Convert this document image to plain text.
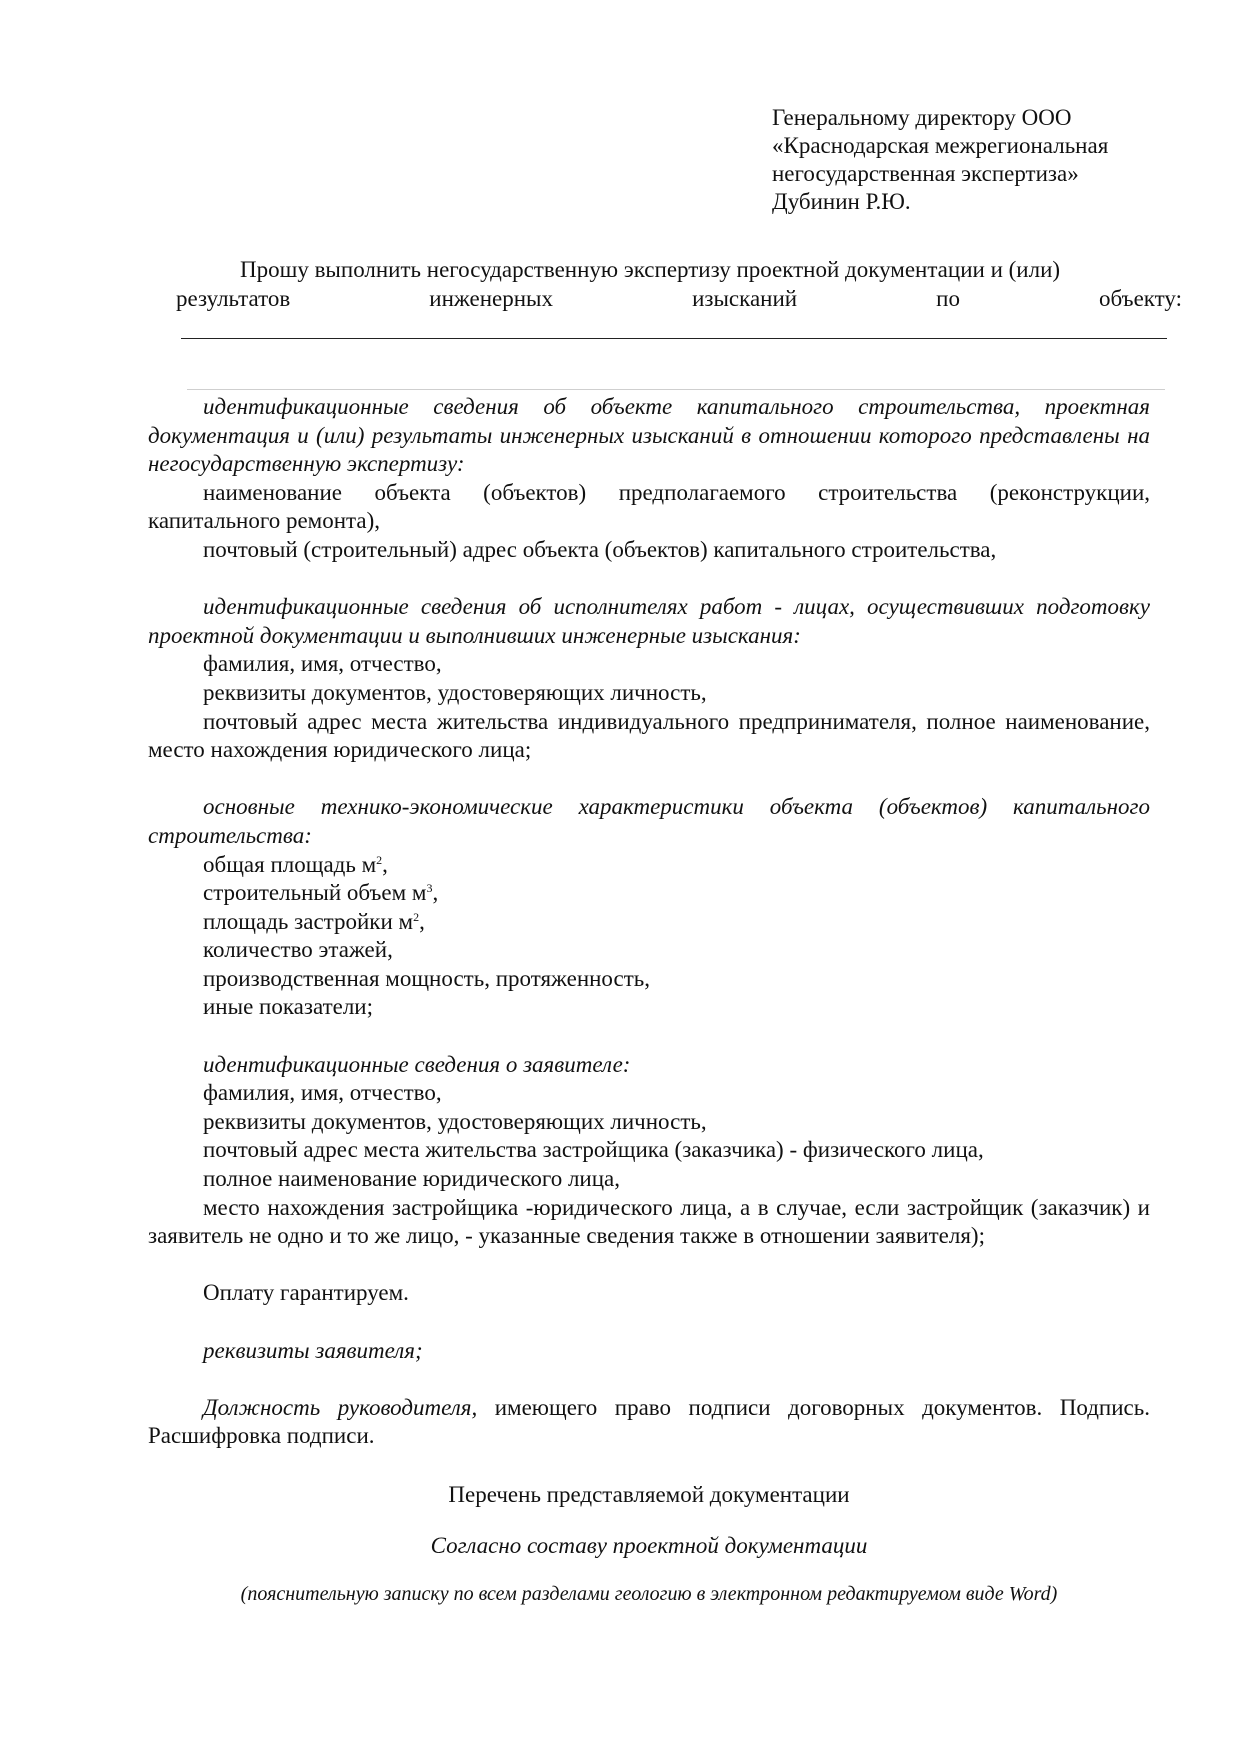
Генеральному директору ООО
«Краснодарская межрегиональная
негосударственная экспертиза»
Дубинин Р.Ю.
Прошу выполнить негосударственную экспертизу проектной документации и (или)
результатов инженерных изысканий по объекту:

идентификационные сведения об объекте капитального строительства, проектная документация и (или) результаты инженерных изысканий в отношении которого представлены на негосударственную экспертизу:

наименование объекта (объектов) предполагаемого строительства (реконструкции, капитального ремонта),

почтовый (строительный) адрес объекта (объектов) капитального строительства,

идентификационные сведения об исполнителях работ - лицах, осуществивших подготовку проектной документации и выполнивших инженерные изыскания:

фамилия, имя, отчество,

реквизиты документов, удостоверяющих личность,

почтовый адрес места жительства индивидуального предпринимателя, полное наименование, место нахождения юридического лица;

основные технико-экономические характеристики объекта (объектов) капитального строительства:

общая площадь $м^2$,

строительный объем $м^3$,

площадь застройки $м^2$,

количество этажей,

производственная мощность, протяженность,

иные показатели;

идентификационные сведения о заявителе:

фамилия, имя, отчество,

реквизиты документов, удостоверяющих личность,

почтовый адрес места жительства застройщика (заказчика) - физического лица,

полное наименование юридического лица,

место нахождения застройщика -юридического лица, а в случае, если застройщик (заказчик) и заявитель не одно и то же лицо, - указанные сведения также в отношении заявителя);

Оплату гарантируем.

реквизиты заявителя;

Должность руководителя, имеющего право подписи договорных документов. Подпись. Расшифровка подписи.

Перечень представляемой документации
Согласно составу проектной документации
(пояснительную записку по всем разделами геологию в электронном редактируемом виде Word)
